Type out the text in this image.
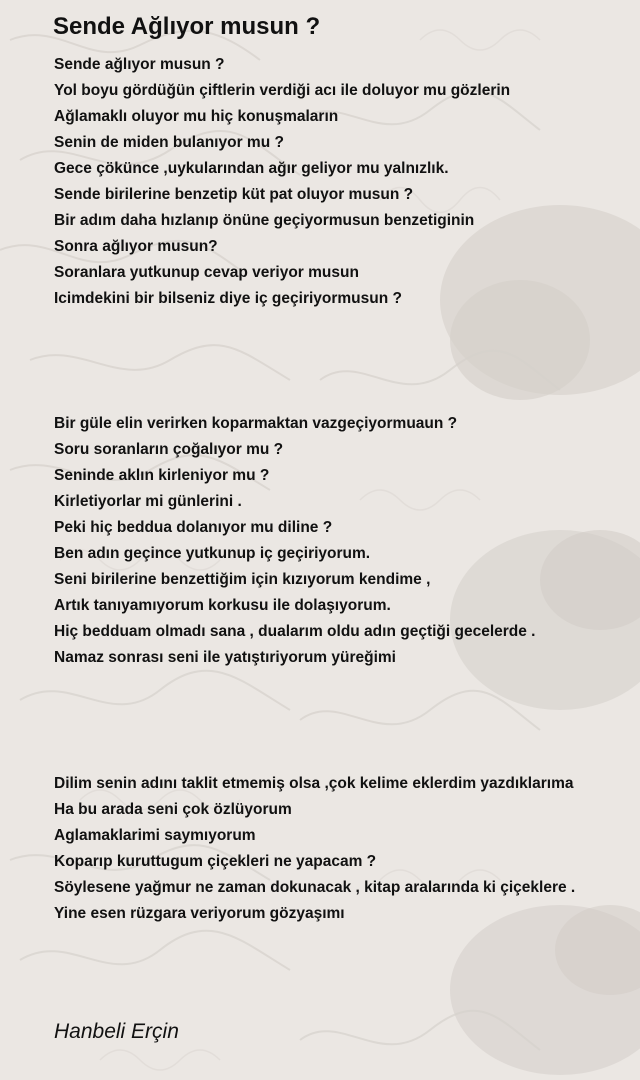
Sende Ağlıyor musun ?
Sende ağlıyor musun ?
Yol boyu gördüğün çiftlerin verdiği acı ile doluyor mu gözlerin
Ağlamaklı oluyor mu hiç konuşmaların
Senin de miden bulanıyor mu ?
Gece çökünce ,uykularından ağır geliyor mu yalnızlık.
Sende birilerine benzetip küt pat oluyor musun ?
Bir adım daha hızlanıp önüne geçiyormusun benzetiginin
Sonra ağlıyor musun?
Soranlara yutkunup cevap veriyor musun
Icimdekini bir bilseniz diye iç geçiriyormusun ?
Bir güle elin verirken koparmaktan vazgeçiyormuaun ?
Soru soranların çoğalıyor mu ?
Seninde aklın kirleniyor mu ?
Kirletiyorlar mi günlerini .
Peki hiç beddua dolanıyor mu diline ?
Ben adın geçince yutkunup iç geçiriyorum.
Seni birilerine benzettiğim için kızıyorum kendime ,
Artık tanıyamıyorum korkusu ile dolaşıyorum.
Hiç bedduam olmadı sana , dualarım oldu adın geçtiği gecelerde .
Namaz sonrası seni ile yatıştıriyorum yüreğimi
Dilim senin adını taklit etmemiş olsa ,çok kelime eklerdim yazdıklarıma
Ha bu arada seni çok özlüyorum
Aglamaklarimi saymıyorum
Koparıp kuruttugum çiçekleri ne yapacam ?
Söylesene yağmur ne zaman dokunacak , kitap aralarında ki çiçeklere .
Yine esen rüzgara veriyorum gözyaşımı
Hanbeli Erçin
